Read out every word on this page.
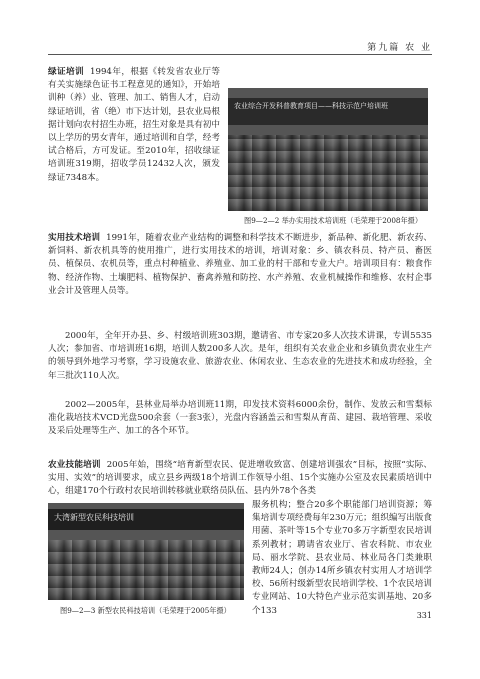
第九篇 农 业

绿证培训 1994年，根据《转发省农业厅等有关实施绿色证书工程意见的通知》，开始培训种（养）业、管理、加工、销售人才，启动绿证培训，省（绝）市下达计划，县农业局根据计划向农村招生办班，招生对象是具有初中以上学历的男女青年，通过培训和自学，经考试合格后，方可发证。至2010年，招收绿证培训班319期，招收学员12432人次，颁发绿证7348本。

农业综合开发科普教育项目——科技示范户培训班
图9—2—2 举办实用技术培训班（毛荣理于2008年摄）

实用技术培训 1991年，随着农业产业结构的调整和科学技术不断进步，新品种、新化肥、新农药、新饲料、新农机具等的使用推广，进行实用技术的培训，培训对象：乡、镇农科员、特产员、畜医员、植保员、农机员等，重点村种植业、养殖业、加工业的村干部和专业大户。培训项目有：粮食作物、经济作物、土壤肥料、植物保护、畜禽养殖和防控、水产养殖、农业机械操作和维修、农村企事业会计及管理人员等。

2000年，全年开办县、乡、村级培训班303期，邀请省、市专家20多人次技术讲课，专训5535人次；参加省、市培训班16期，培训人数200多人次。是年，组织有关农业企业和乡镇负责农业生产的领导到外地学习考察，学习设施农业、旅游农业、休闲农业、生态农业的先进技术和成功经验，全年三批次110人次。

2002—2005年，县林业局举办培训班11期，印发技术资料6000余份，制作、发放云和雪梨标准化栽培技术VCD光盘500余套（一套3张），光盘内容涵盖云和雪梨从育苗、建园、栽培管理、采收及采后处理等生产、加工的各个环节。

农业技能培训 2005年始，围绕“培育新型农民、促进增收致富、创建培训强农”目标，按照“实际、实用、实效”的培训要求，成立县乡两级18个培训工作领导小组、15个实施办公室及农民素质培训中心，组建170个行政村农民培训转移就业联络员队伍、县内外78个各类

大湾新型农民科技培训
图9—2—3 新型农民科技培训（毛荣理于2005年摄）

服务机构；整合20多个职能部门培训资源；筹集培训专项经费每年230万元；组织编写出版食用菌、茶叶等15个专业70多万字新型农民培训系列教材；聘请省农业厅、省农科院、市农业局、丽水学院、县农业局、林业局各门类兼职教师24人；创办14所乡镇农村实用人才培训学校、56所村级新型农民培训学校、1个农民培训专业网站、10大特色产业示范实训基地、20多个133	331
